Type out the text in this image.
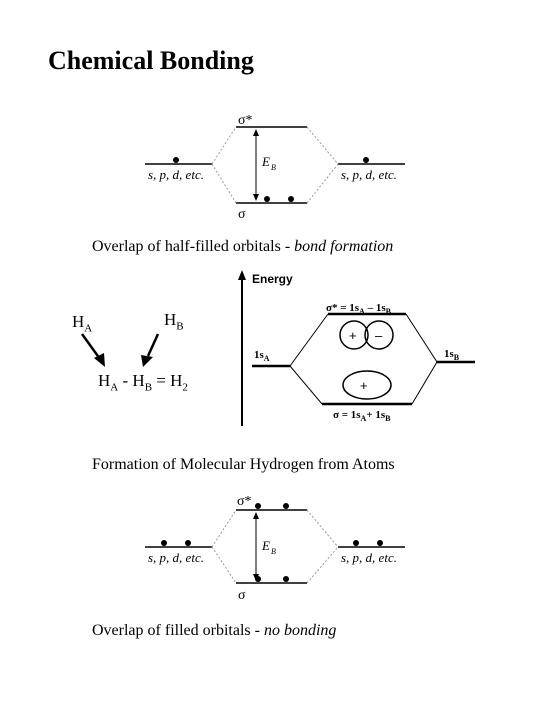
Chemical Bonding
σ*
σ
E B
s, p, d, etc.	s, p, d, etc.
Overlap of half-filled orbitals - bond formation
$H_A$	$H_B$
$H_A - H_B = H_2$
Energy
+ –
+
$\sigma* = 1s_A - 1s_B$
$\sigma = 1s_A+ 1s_B$
$1s_A$	$1s_B$
Formation of Molecular Hydrogen from Atoms
σ*
σ
E B
s, p, d, etc.	s, p, d, etc.
Overlap of filled orbitals - no bonding
